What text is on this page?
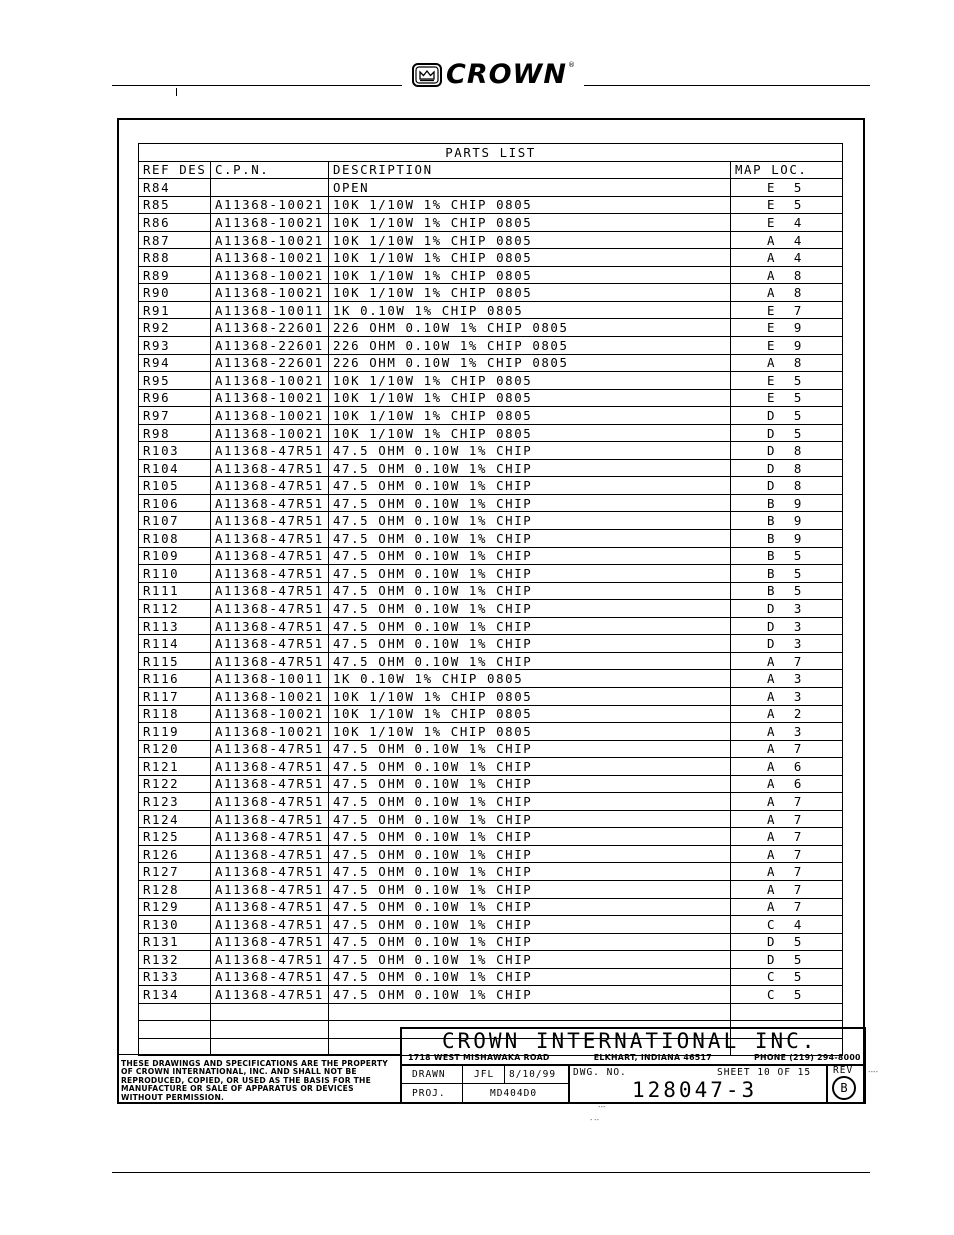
CROWN ®
PARTS LIST			
REF DES	C.P.N.	DESCRIPTION	MAP LOC.
R84		OPEN	E 5
R85	A11368-10021	10K 1/10W 1% CHIP 0805	E 5
R86	A11368-10021	10K 1/10W 1% CHIP 0805	E 4
R87	A11368-10021	10K 1/10W 1% CHIP 0805	A 4
R88	A11368-10021	10K 1/10W 1% CHIP 0805	A 4
R89	A11368-10021	10K 1/10W 1% CHIP 0805	A 8
R90	A11368-10021	10K 1/10W 1% CHIP 0805	A 8
R91	A11368-10011	1K 0.10W 1% CHIP 0805	E 7
R92	A11368-22601	226 OHM 0.10W 1% CHIP 0805	E 9
R93	A11368-22601	226 OHM 0.10W 1% CHIP 0805	E 9
R94	A11368-22601	226 OHM 0.10W 1% CHIP 0805	A 8
R95	A11368-10021	10K 1/10W 1% CHIP 0805	E 5
R96	A11368-10021	10K 1/10W 1% CHIP 0805	E 5
R97	A11368-10021	10K 1/10W 1% CHIP 0805	D 5
R98	A11368-10021	10K 1/10W 1% CHIP 0805	D 5
R103	A11368-47R51	47.5 OHM 0.10W 1% CHIP	D 8
R104	A11368-47R51	47.5 OHM 0.10W 1% CHIP	D 8
R105	A11368-47R51	47.5 OHM 0.10W 1% CHIP	D 8
R106	A11368-47R51	47.5 OHM 0.10W 1% CHIP	B 9
R107	A11368-47R51	47.5 OHM 0.10W 1% CHIP	B 9
R108	A11368-47R51	47.5 OHM 0.10W 1% CHIP	B 9
R109	A11368-47R51	47.5 OHM 0.10W 1% CHIP	B 5
R110	A11368-47R51	47.5 OHM 0.10W 1% CHIP	B 5
R111	A11368-47R51	47.5 OHM 0.10W 1% CHIP	B 5
R112	A11368-47R51	47.5 OHM 0.10W 1% CHIP	D 3
R113	A11368-47R51	47.5 OHM 0.10W 1% CHIP	D 3
R114	A11368-47R51	47.5 OHM 0.10W 1% CHIP	D 3
R115	A11368-47R51	47.5 OHM 0.10W 1% CHIP	A 7
R116	A11368-10011	1K 0.10W 1% CHIP 0805	A 3
R117	A11368-10021	10K 1/10W 1% CHIP 0805	A 3
R118	A11368-10021	10K 1/10W 1% CHIP 0805	A 2
R119	A11368-10021	10K 1/10W 1% CHIP 0805	A 3
R120	A11368-47R51	47.5 OHM 0.10W 1% CHIP	A 7
R121	A11368-47R51	47.5 OHM 0.10W 1% CHIP	A 6
R122	A11368-47R51	47.5 OHM 0.10W 1% CHIP	A 6
R123	A11368-47R51	47.5 OHM 0.10W 1% CHIP	A 7
R124	A11368-47R51	47.5 OHM 0.10W 1% CHIP	A 7
R125	A11368-47R51	47.5 OHM 0.10W 1% CHIP	A 7
R126	A11368-47R51	47.5 OHM 0.10W 1% CHIP	A 7
R127	A11368-47R51	47.5 OHM 0.10W 1% CHIP	A 7
R128	A11368-47R51	47.5 OHM 0.10W 1% CHIP	A 7
R129	A11368-47R51	47.5 OHM 0.10W 1% CHIP	A 7
R130	A11368-47R51	47.5 OHM 0.10W 1% CHIP	C 4
R131	A11368-47R51	47.5 OHM 0.10W 1% CHIP	D 5
R132	A11368-47R51	47.5 OHM 0.10W 1% CHIP	D 5
R133	A11368-47R51	47.5 OHM 0.10W 1% CHIP	C 5
R134	A11368-47R51	47.5 OHM 0.10W 1% CHIP	C 5

THESE DRAWINGS AND SPECIFICATIONS ARE THE PROPERTY OF CROWN INTERNATIONAL, INC. AND SHALL NOT BE REPRODUCED, COPIED, OR USED AS THE BASIS FOR THE MANUFACTURE OR SALE OF APPARATUS OR DEVICES WITHOUT PERMISSION.
CROWN INTERNATIONAL INC.
1718 WEST MISHAWAKA ROAD	ELKHART, INDIANA 46517	PHONE (219) 294-8000
DRAWN	JFL 8/10/99
PROJ.	MD404D0
DWG. NO.	SHEET 10 OF 15 REV
128047-3	B
⁃⁃⁃⁃
⁃⁃⁃
⁃ ⁃⁃
